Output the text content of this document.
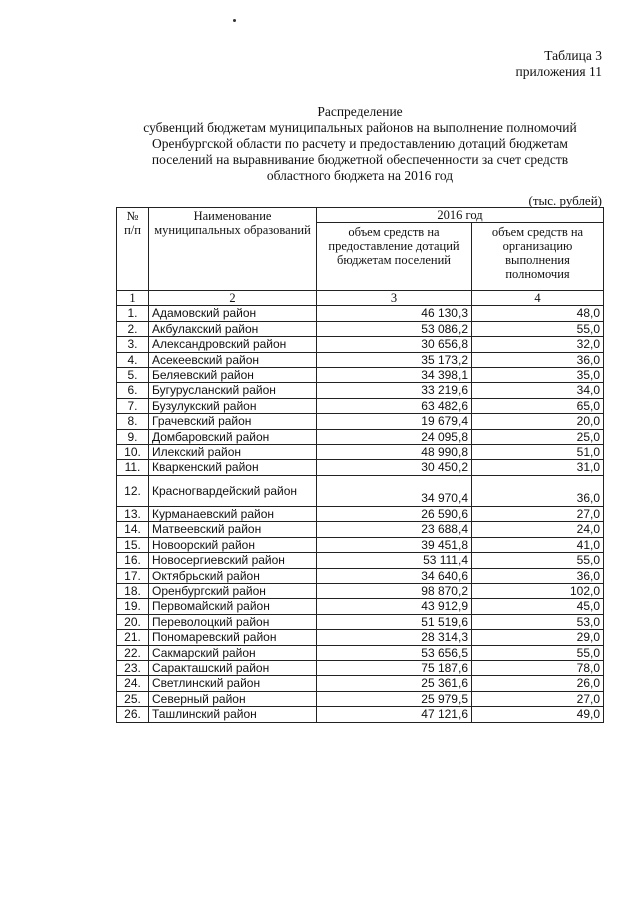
Таблица 3
приложения 11
Распределение
субвенций бюджетам муниципальных районов на выполнение полномочий
Оренбургской области по расчету и предоставлению дотаций бюджетам
поселений на выравнивание бюджетной обеспеченности за счет средств
областного бюджета на 2016 год
(тыс. рублей)
№ п/п	Наименование муниципальных образований	2016 год	
		объем средств на предоставление дотаций бюджетам поселений	объем средств на организацию выполнения полномочия
1	2	3	4
1.	Адамовский район	46 130,3	48,0
2.	Акбулакский район	53 086,2	55,0
3.	Александровский район	30 656,8	32,0
4.	Асекеевский район	35 173,2	36,0
5.	Беляевский район	34 398,1	35,0
6.	Бугурусланский район	33 219,6	34,0
7.	Бузулукский район	63 482,6	65,0
8.	Грачевский район	19 679,4	20,0
9.	Домбаровский район	24 095,8	25,0
10.	Илекский район	48 990,8	51,0
11.	Кваркенский район	30 450,2	31,0
12.	Красногвардейский район	34 970,4	36,0
13.	Курманаевский район	26 590,6	27,0
14.	Матвеевский район	23 688,4	24,0
15.	Новоорский район	39 451,8	41,0
16.	Новосергиевский район	53 111,4	55,0
17.	Октябрьский район	34 640,6	36,0
18.	Оренбургский район	98 870,2	102,0
19.	Первомайский район	43 912,9	45,0
20.	Переволоцкий район	51 519,6	53,0
21.	Пономаревский район	28 314,3	29,0
22.	Сакмарский район	53 656,5	55,0
23.	Саракташский район	75 187,6	78,0
24.	Светлинский район	25 361,6	26,0
25.	Северный район	25 979,5	27,0
26.	Ташлинский район	47 121,6	49,0
